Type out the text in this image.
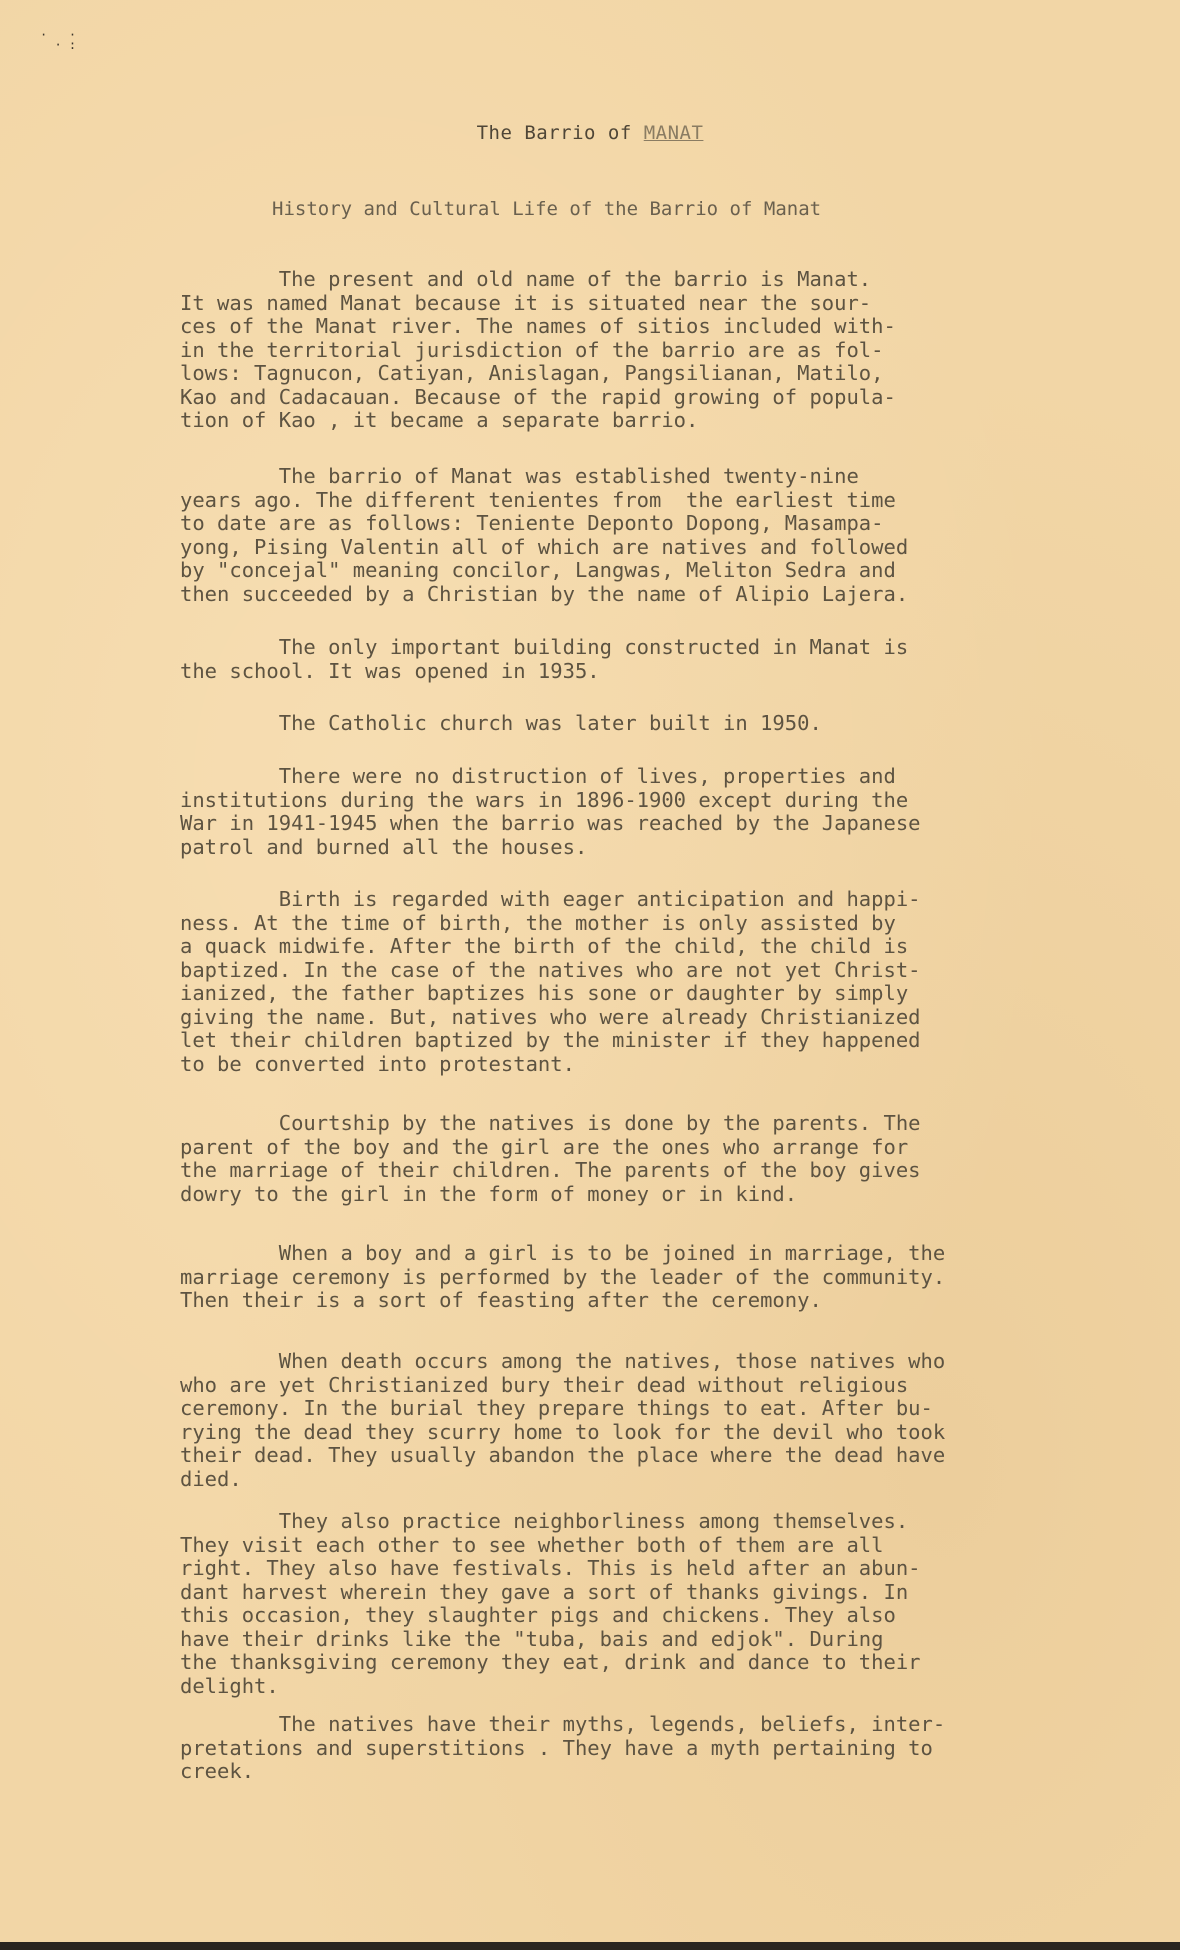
·   ·
· :
The Barrio of MANAT
History and Cultural Life of the Barrio of Manat
The present and old name of the barrio is Manat.
It was named Manat because it is situated near the sour-
ces of the Manat river. The names of sitios included with-
in the territorial jurisdiction of the barrio are as fol-
lows: Tagnucon, Catiyan, Anislagan, Pangsilianan, Matilo,
Kao and Cadacauan. Because of the rapid growing of popula-
tion of Kao , it became a separate barrio.
The barrio of Manat was established twenty-nine
years ago. The different tenientes from  the earliest time
to date are as follows: Teniente Deponto Dopong, Masampa-
yong, Pising Valentin all of which are natives and followed
by "concejal" meaning concilor, Langwas, Meliton Sedra and
then succeeded by a Christian by the name of Alipio Lajera.
The only important building constructed in Manat is
the school. It was opened in 1935.
The Catholic church was later built in 1950.
There were no distruction of lives, properties and
institutions during the wars in 1896-1900 except during the
War in 1941-1945 when the barrio was reached by the Japanese
patrol and burned all the houses.
Birth is regarded with eager anticipation and happi-
ness. At the time of birth, the mother is only assisted by
a quack midwife. After the birth of the child, the child is
baptized. In the case of the natives who are not yet Christ-
ianized, the father baptizes his sone or daughter by simply
giving the name. But, natives who were already Christianized
let their children baptized by the minister if they happened
to be converted into protestant.
Courtship by the natives is done by the parents. The
parent of the boy and the girl are the ones who arrange for
the marriage of their children. The parents of the boy gives
dowry to the girl in the form of money or in kind.
When a boy and a girl is to be joined in marriage, the
marriage ceremony is performed by the leader of the community.
Then their is a sort of feasting after the ceremony.
When death occurs among the natives, those natives who
who are yet Christianized bury their dead without religious
ceremony. In the burial they prepare things to eat. After bu-
rying the dead they scurry home to look for the devil who took
their dead. They usually abandon the place where the dead have
died.
They also practice neighborliness among themselves.
They visit each other to see whether both of them are all
right. They also have festivals. This is held after an abun-
dant harvest wherein they gave a sort of thanks givings. In
this occasion, they slaughter pigs and chickens. They also
have their drinks like the "tuba, bais and edjok". During
the thanksgiving ceremony they eat, drink and dance to their
delight.
The natives have their myths, legends, beliefs, inter-
pretations and superstitions . They have a myth pertaining to
creek.
